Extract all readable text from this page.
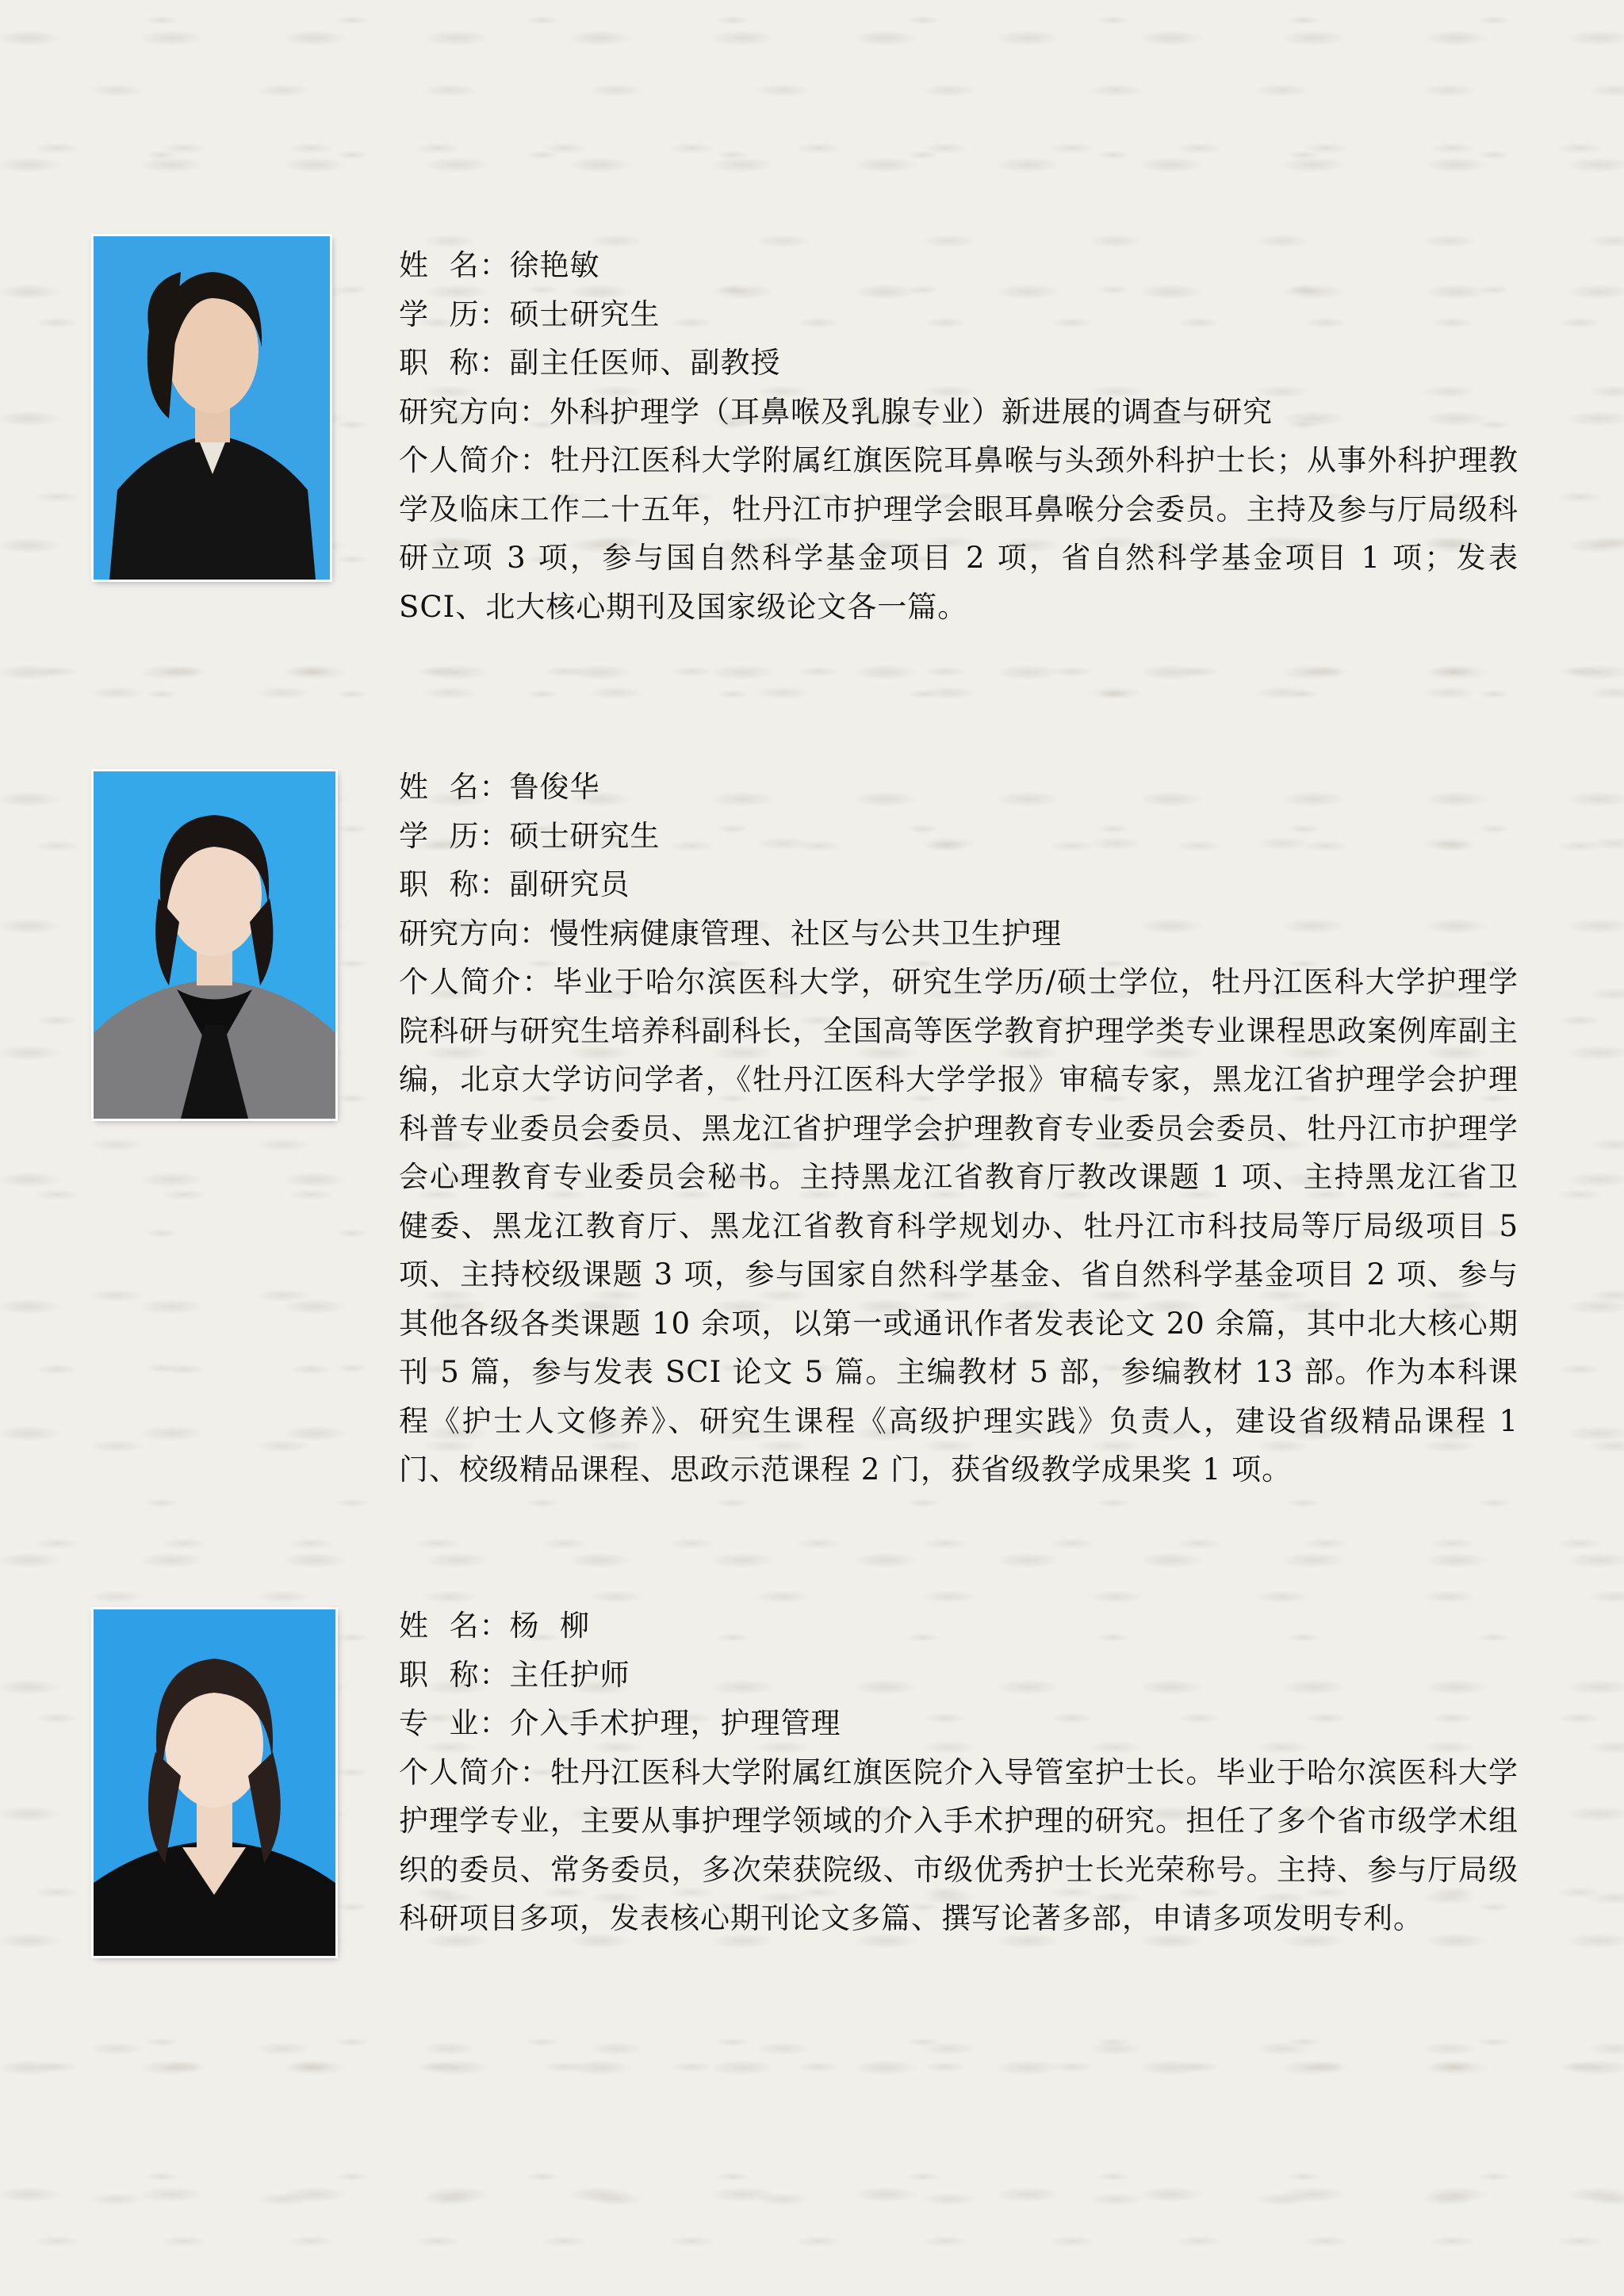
姓  名：徐艳敏
学  历：硕士研究生
职  称：副主任医师、副教授
研究方向：外科护理学（耳鼻喉及乳腺专业）新进展的调查与研究
个人简介：牡丹江医科大学附属红旗医院耳鼻喉与头颈外科护士长；从事外科护理教学及临床工作二十五年，牡丹江市护理学会眼耳鼻喉分会委员。主持及参与厅局级科研立项 3 项，参与国自然科学基金项目 2 项，省自然科学基金项目 1 项；发表 SCI、北大核心期刊及国家级论文各一篇。
姓  名：鲁俊华
学  历：硕士研究生
职  称：副研究员
研究方向：慢性病健康管理、社区与公共卫生护理
个人简介：毕业于哈尔滨医科大学，研究生学历/硕士学位，牡丹江医科大学护理学院科研与研究生培养科副科长，全国高等医学教育护理学类专业课程思政案例库副主编，北京大学访问学者，《牡丹江医科大学学报》审稿专家，黑龙江省护理学会护理科普专业委员会委员、黑龙江省护理学会护理教育专业委员会委员、牡丹江市护理学会心理教育专业委员会秘书。主持黑龙江省教育厅教改课题 1 项、主持黑龙江省卫健委、黑龙江教育厅、黑龙江省教育科学规划办、牡丹江市科技局等厅局级项目 5 项、主持校级课题 3 项，参与国家自然科学基金、省自然科学基金项目 2 项、参与其他各级各类课题 10 余项，以第一或通讯作者发表论文 20 余篇，其中北大核心期刊 5 篇，参与发表 SCI 论文 5 篇。主编教材 5 部，参编教材 13 部。作为本科课程《护士人文修养》、研究生课程《高级护理实践》负责人，建设省级精品课程 1 门、校级精品课程、思政示范课程 2 门，获省级教学成果奖 1 项。
姓  名：杨  柳
职  称：主任护师
专  业：介入手术护理，护理管理
个人简介：牡丹江医科大学附属红旗医院介入导管室护士长。毕业于哈尔滨医科大学护理学专业，主要从事护理学领域的介入手术护理的研究。担任了多个省市级学术组织的委员、常务委员，多次荣获院级、市级优秀护士长光荣称号。主持、参与厅局级科研项目多项，发表核心期刊论文多篇、撰写论著多部，申请多项发明专利。
